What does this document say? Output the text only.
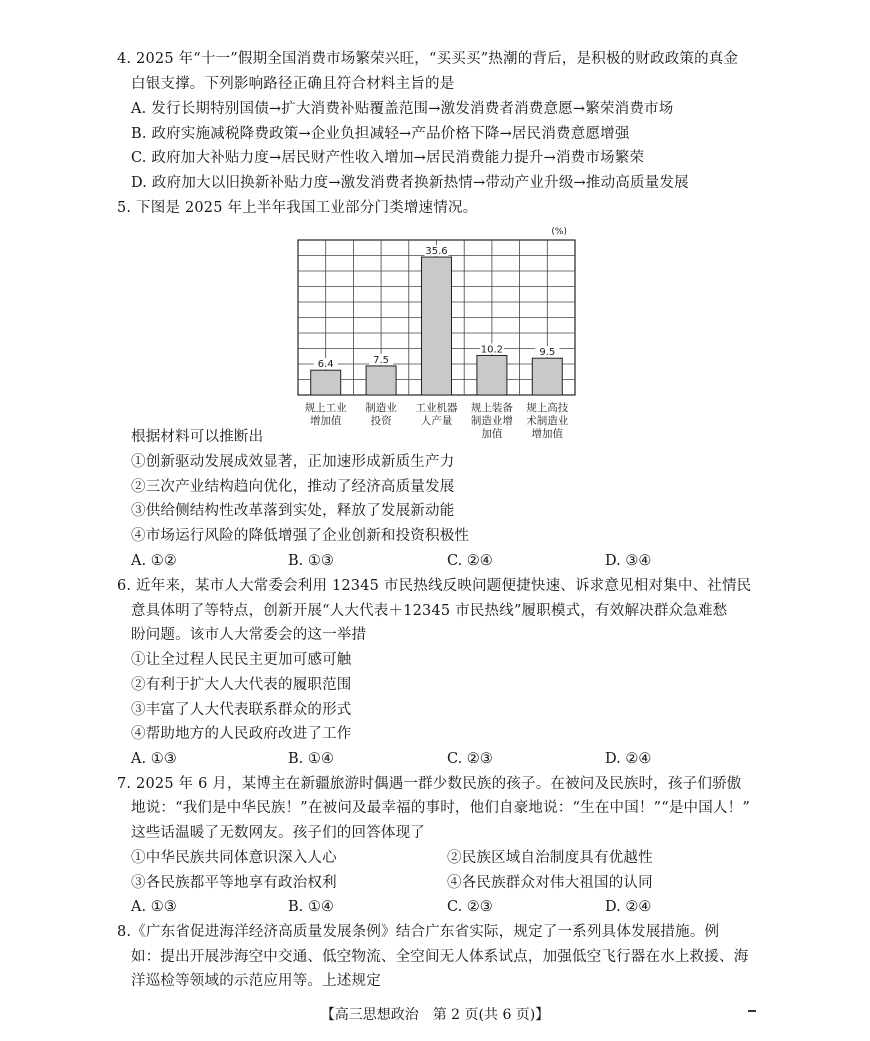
4. 2025 年“十一”假期全国消费市场繁荣兴旺，“买买买”热潮的背后，是积极的财政政策的真金
白银支撑。下列影响路径正确且符合材料主旨的是
A. 发行长期特别国债→扩大消费补贴覆盖范围→激发消费者消费意愿→繁荣消费市场
B. 政府实施减税降费政策→企业负担减轻→产品价格下降→居民消费意愿增强
C. 政府加大补贴力度→居民财产性收入增加→居民消费能力提升→消费市场繁荣
D. 政府加大以旧换新补贴力度→激发消费者换新热情→带动产业升级→推动高质量发展
5. 下图是 2025 年上半年我国工业部分门类增速情况。
(%)
6.4
规上工业
增加值
7.5
制造业
投资
35.6
工业机器
人产量
10.2
规上装备
制造业增
加值
9.5
规上高技
术制造业
增加值
根据材料可以推断出
①创新驱动发展成效显著，正加速形成新质生产力
②三次产业结构趋向优化，推动了经济高质量发展
③供给侧结构性改革落到实处，释放了发展新动能
④市场运行风险的降低增强了企业创新和投资积极性
A. ①②	B. ①③	C. ②④	D. ③④
6. 近年来，某市人大常委会利用 12345 市民热线反映问题便捷快速、诉求意见相对集中、社情民
意具体明了等特点，创新开展“人大代表＋12345 市民热线”履职模式，有效解决群众急难愁
盼问题。该市人大常委会的这一举措
①让全过程人民民主更加可感可触
②有利于扩大人大代表的履职范围
③丰富了人大代表联系群众的形式
④帮助地方的人民政府改进了工作
A. ①③	B. ①④	C. ②③	D. ②④
7. 2025 年 6 月，某博主在新疆旅游时偶遇一群少数民族的孩子。在被问及民族时，孩子们骄傲
地说：“我们是中华民族！”在被问及最幸福的事时，他们自豪地说：“生在中国！”“是中国人！”
这些话温暖了无数网友。孩子们的回答体现了
①中华民族共同体意识深入人心	②民族区域自治制度具有优越性
③各民族都平等地享有政治权利	④各民族群众对伟大祖国的认同
A. ①③	B. ①④	C. ②③	D. ②④
8.《广东省促进海洋经济高质量发展条例》结合广东省实际，规定了一系列具体发展措施。例
如：提出开展涉海空中交通、低空物流、全空间无人体系试点，加强低空飞行器在水上救援、海
洋巡检等领域的示范应用等。上述规定
【高三思想政治　第 2 页(共 6 页)】
